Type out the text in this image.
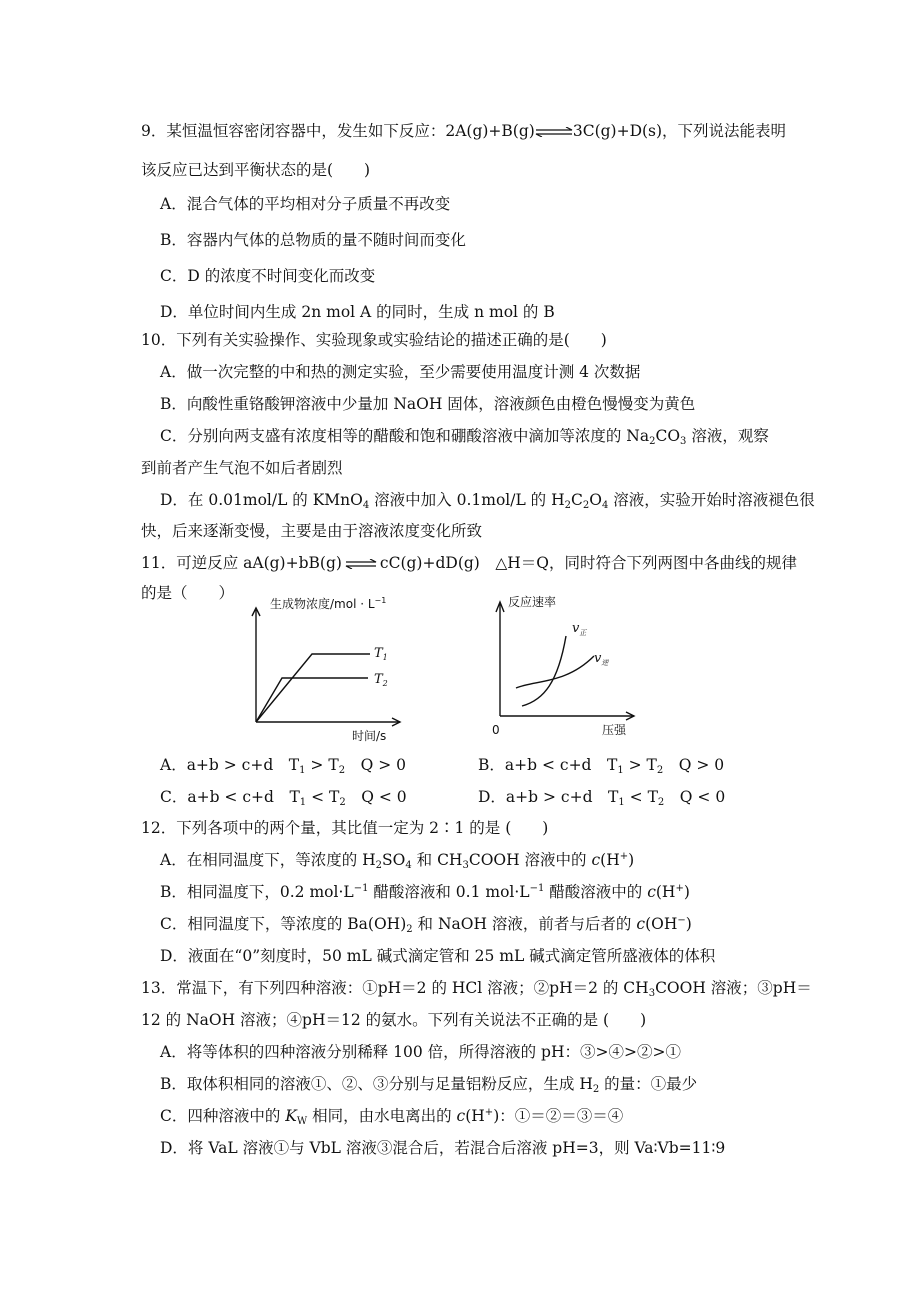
9．某恒温恒容密闭容器中，发生如下反应：2A(g)+B(g)⇌3C(g)+D(s)，下列说法能表明
该反应已达到平衡状态的是(　　)
A．混合气体的平均相对分子质量不再改变
B．容器内气体的总物质的量不随时间而变化
C．D 的浓度不时间变化而改变
D．单位时间内生成 2n mol A 的同时，生成 n mol 的 B
10．下列有关实验操作、实验现象或实验结论的描述正确的是(　　)
A．做一次完整的中和热的测定实验，至少需要使用温度计测 4 次数据
B．向酸性重铬酸钾溶液中少量加 NaOH 固体，溶液颜色由橙色慢慢变为黄色
C．分别向两支盛有浓度相等的醋酸和饱和硼酸溶液中滴加等浓度的 $Na_2CO_3$ 溶液，观察
到前者产生气泡不如后者剧烈
D．在 0.01mol/L 的 KMnO$_4$ 溶液中加入 0.1mol/L 的 $H_2C_2O_4$ 溶液，实验开始时溶液褪色很
快，后来逐渐变慢，主要是由于溶液浓度变化所致
11．可逆反应 aA(g)+bB(g)⇌cC(g)+dD(g)　△H＝Q，同时符合下列两图中各曲线的规律
的是（　　）
生成物浓度$/mol \cdot L^{-1}$
时间/s
$T_1$
$T_2$
反应速率
压强
0
$v_正$
$v_逆$
A．a+b > c+d　$T_1 > T_2$　Q > 0	B．a+b < c+d　$T_1 > T_2$　Q > 0
C．a+b < c+d　$T_1 < T_2$　Q < 0	D．a+b > c+d　$T_1 < T_2$　Q < 0
12．下列各项中的两个量，其比值一定为 2∶1 的是 (　　)
A．在相同温度下，等浓度的 $H_2SO_4$ 和 $CH_3COOH$ 溶液中的 c(H+)
B．相同温度下，0.2 $mol\cdot L^{-1}$ 醋酸溶液和 0.1 $mol\cdot L^{-1}$ 醋酸溶液中的 c(H+)
C．相同温度下，等浓度的 $Ba(OH)_2$ 和 NaOH 溶液，前者与后者的 c(OH−)
D．液面在“0”刻度时，50 mL 碱式滴定管和 25 mL 碱式滴定管所盛液体的体积
13．常温下，有下列四种溶液：①pH＝2 的 HCl 溶液；②pH＝2 的 $CH_3COOH$ 溶液；③pH＝
12 的 NaOH 溶液；④pH＝12 的氨水。下列有关说法不正确的是 (　　)
A．将等体积的四种溶液分别稀释 100 倍，所得溶液的 pH：③>④>②>①
B．取体积相同的溶液①、②、③分别与足量铝粉反应，生成 $H_2$ 的量：①最少
C．四种溶液中的 $K_W$ 相同，由水电离出的 c(H+)：①＝②＝③＝④
D．将 VaL 溶液①与 VbL 溶液③混合后，若混合后溶液 pH=3，则 Va∶Vb=11∶9
